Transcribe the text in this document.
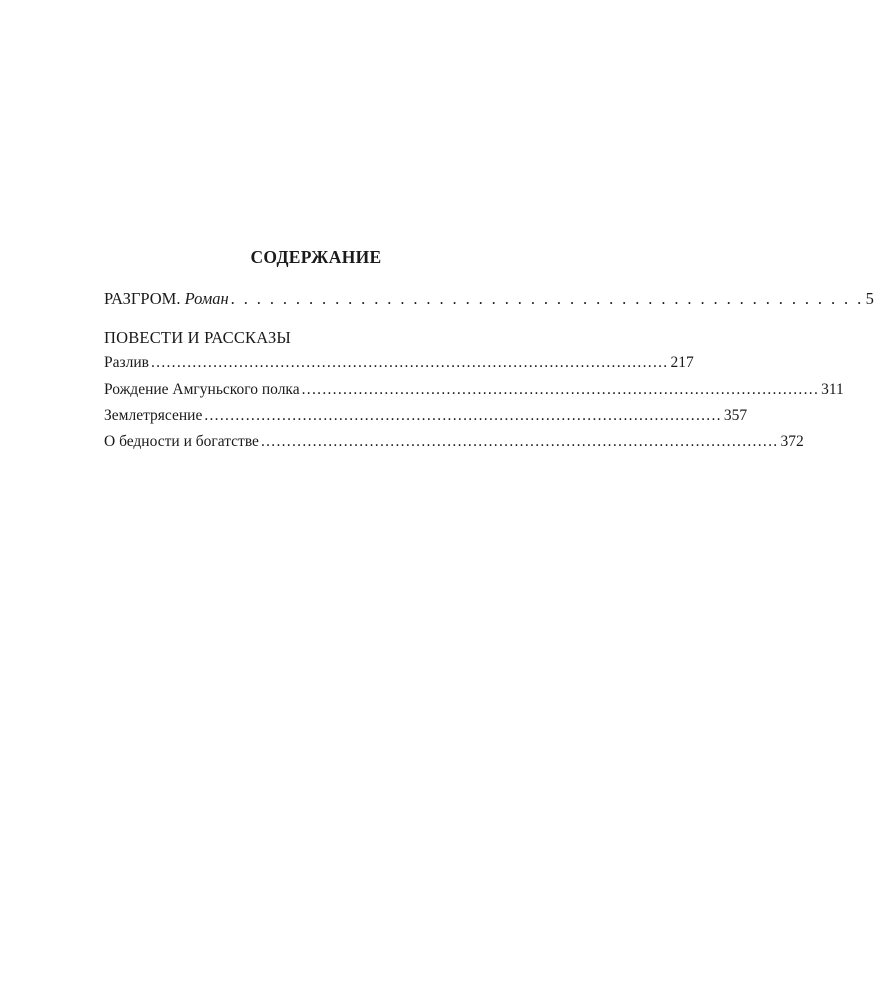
СОДЕРЖАНИЕ
РАЗГРОМ. Роман . . . . . . . . . . . . . . . . . . . . . . . . . . . . . . . . . . . . . . . . . . . . . . . . . 5
ПОВЕСТИ И РАССКАЗЫ
Разлив .................................................................................................... 217
Рождение Амгуньского полка .................................................................................................... 311
Землетрясение .................................................................................................... 357
О бедности и богатстве .................................................................................................... 372
